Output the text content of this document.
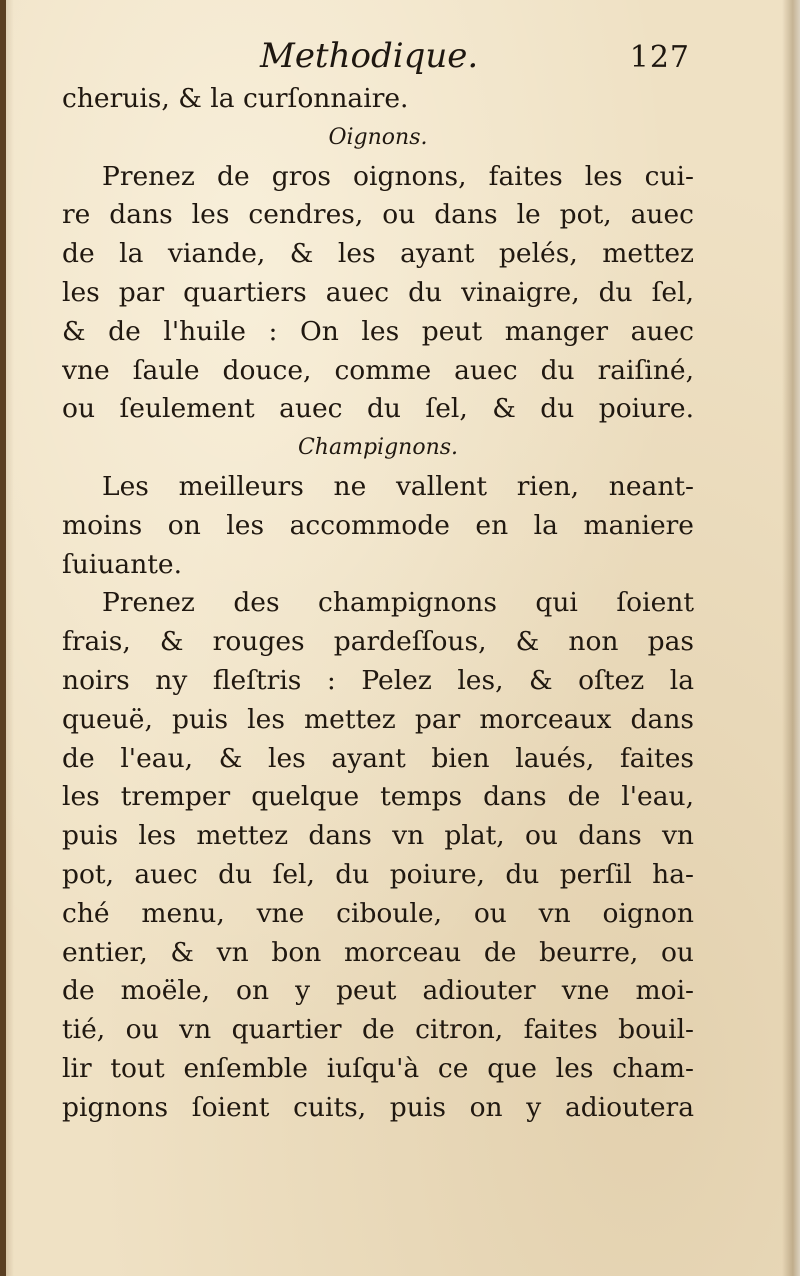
Methodique.	127
cheruis, & la curſonnaire.
Oignons.
Prenez de gros oignons, faites les cui-
re dans les cendres, ou dans le pot, auec
de la viande, & les ayant pelés, mettez
les par quartiers auec du vinaigre, du ſel,
& de l'huile : On les peut manger auec
vne ſaule douce, comme auec du raiſiné,
ou ſeulement auec du ſel, & du poiure.
Champignons.
Les meilleurs ne vallent rien, neant-
moins on les accommode en la maniere
ſuiuante.
Prenez des champignons qui ſoient
frais, & rouges pardeſſous, & non pas
noirs ny fleſtris : Pelez les, & oſtez la
queuë, puis les mettez par morceaux dans
de l'eau, & les ayant bien laués, faites
les tremper quelque temps dans de l'eau,
puis les mettez dans vn plat, ou dans vn
pot, auec du ſel, du poiure, du perſil ha-
ché menu, vne ciboule, ou vn oignon
entier, & vn bon morceau de beurre, ou
de moële, on y peut adiouter vne moi-
tié, ou vn quartier de citron, faites bouil-
lir tout enſemble iuſqu'à ce que les cham-
pignons ſoient cuits, puis on y adioutera
